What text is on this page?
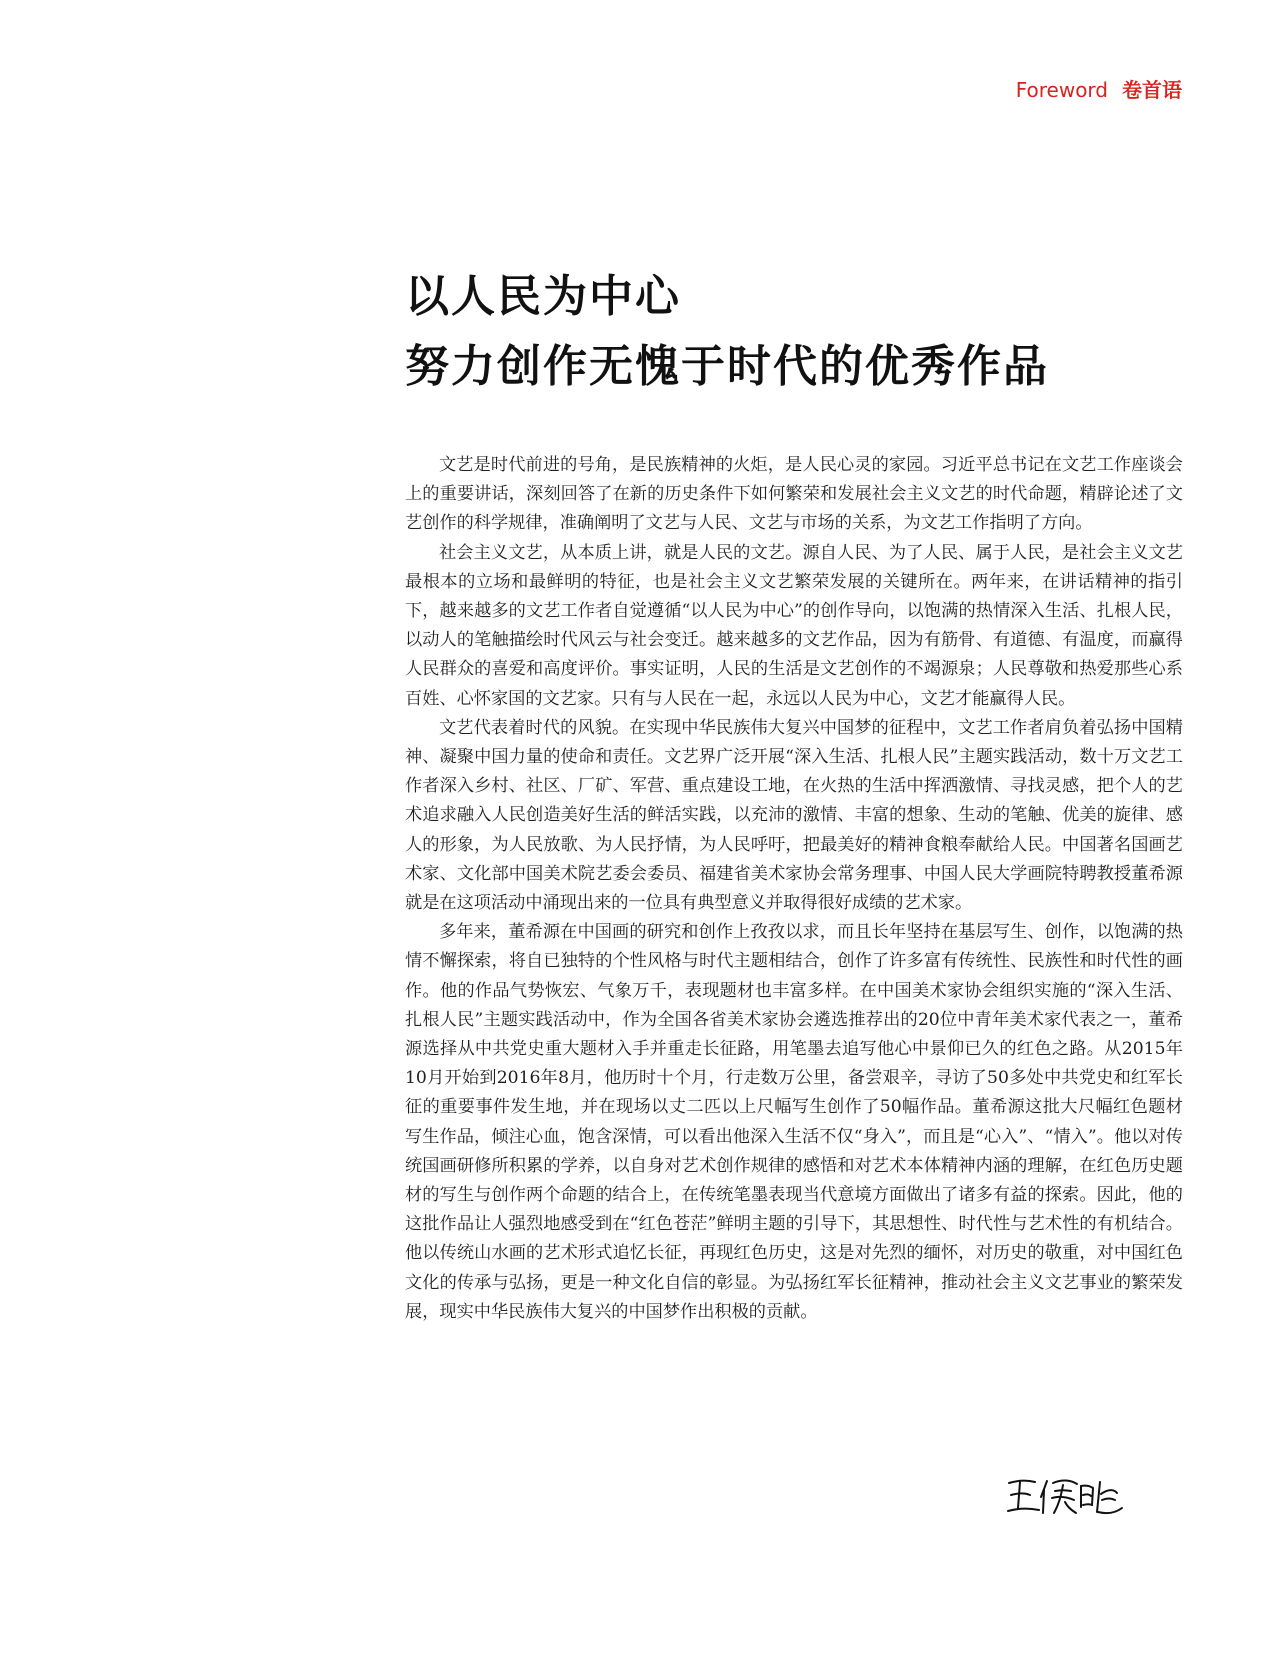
Foreword 卷首语
以人民为中心
努力创作无愧于时代的优秀作品

文艺是时代前进的号角，是民族精神的火炬，是人民心灵的家园。习近平总书记在文艺工作座谈会上的重要讲话，深刻回答了在新的历史条件下如何繁荣和发展社会主义文艺的时代命题，精辟论述了文艺创作的科学规律，准确阐明了文艺与人民、文艺与市场的关系，为文艺工作指明了方向。

社会主义文艺，从本质上讲，就是人民的文艺。源自人民、为了人民、属于人民，是社会主义文艺最根本的立场和最鲜明的特征，也是社会主义文艺繁荣发展的关键所在。两年来，在讲话精神的指引下，越来越多的文艺工作者自觉遵循“以人民为中心”的创作导向，以饱满的热情深入生活、扎根人民，以动人的笔触描绘时代风云与社会变迁。越来越多的文艺作品，因为有筋骨、有道德、有温度，而赢得人民群众的喜爱和高度评价。事实证明，人民的生活是文艺创作的不竭源泉；人民尊敬和热爱那些心系百姓、心怀家国的文艺家。只有与人民在一起，永远以人民为中心，文艺才能赢得人民。

文艺代表着时代的风貌。在实现中华民族伟大复兴中国梦的征程中，文艺工作者肩负着弘扬中国精神、凝聚中国力量的使命和责任。文艺界广泛开展“深入生活、扎根人民”主题实践活动，数十万文艺工作者深入乡村、社区、厂矿、军营、重点建设工地，在火热的生活中挥洒激情、寻找灵感，把个人的艺术追求融入人民创造美好生活的鲜活实践，以充沛的激情、丰富的想象、生动的笔触、优美的旋律、感人的形象，为人民放歌、为人民抒情，为人民呼吁，把最美好的精神食粮奉献给人民。中国著名国画艺术家、文化部中国美术院艺委会委员、福建省美术家协会常务理事、中国人民大学画院特聘教授董希源就是在这项活动中涌现出来的一位具有典型意义并取得很好成绩的艺术家。

多年来，董希源在中国画的研究和创作上孜孜以求，而且长年坚持在基层写生、创作，以饱满的热情不懈探索，将自已独特的个性风格与时代主题相结合，创作了许多富有传统性、民族性和时代性的画作。他的作品气势恢宏、气象万千，表现题材也丰富多样。在中国美术家协会组织实施的“深入生活、扎根人民”主题实践活动中，作为全国各省美术家协会遴选推荐出的20位中青年美术家代表之一，董希源选择从中共党史重大题材入手并重走长征路，用笔墨去追写他心中景仰已久的红色之路。从2015年10月开始到2016年8月，他历时十个月，行走数万公里，备尝艰辛，寻访了50多处中共党史和红军长征的重要事件发生地，并在现场以丈二匹以上尺幅写生创作了50幅作品。董希源这批大尺幅红色题材写生作品，倾注心血，饱含深情，可以看出他深入生活不仅“身入”，而且是“心入”、“情入”。他以对传统国画研修所积累的学养，以自身对艺术创作规律的感悟和对艺术本体精神内涵的理解，在红色历史题材的写生与创作两个命题的结合上，在传统笔墨表现当代意境方面做出了诸多有益的探索。因此，他的这批作品让人强烈地感受到在“红色苍茫”鲜明主题的引导下，其思想性、时代性与艺术性的有机结合。他以传统山水画的艺术形式追忆长征，再现红色历史，这是对先烈的缅怀，对历史的敬重，对中国红色文化的传承与弘扬，更是一种文化自信的彰显。为弘扬红军长征精神，推动社会主义文艺事业的繁荣发展，现实中华民族伟大复兴的中国梦作出积极的贡献。
